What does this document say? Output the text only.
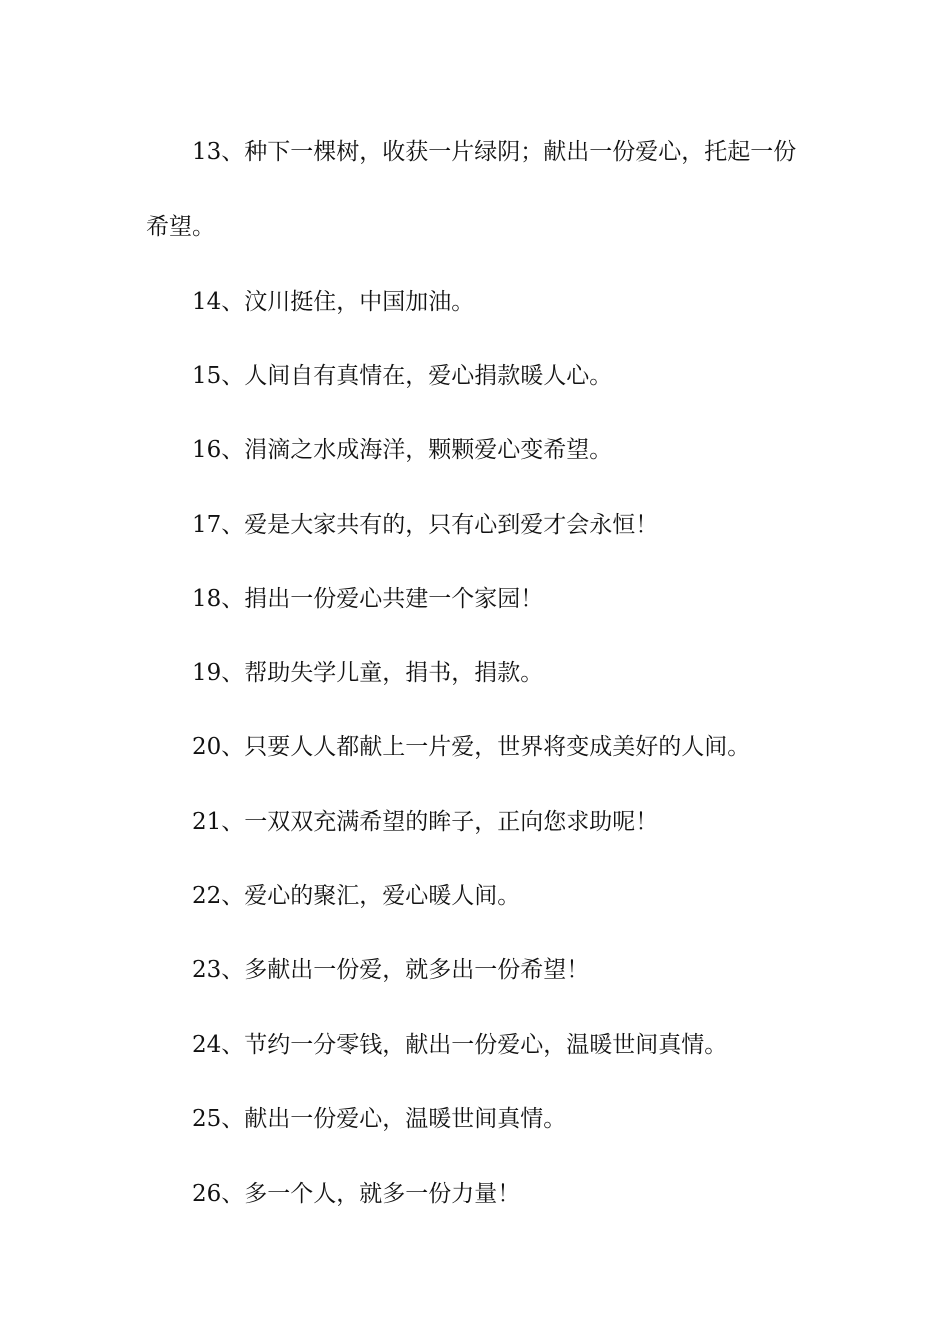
13、种下一棵树，收获一片绿阴；献出一份爱心，托起一份希望。

14、汶川挺住，中国加油。

15、人间自有真情在，爱心捐款暖人心。

16、涓滴之水成海洋，颗颗爱心变希望。

17、爱是大家共有的，只有心到爱才会永恒！

18、捐出一份爱心共建一个家园！

19、帮助失学儿童，捐书，捐款。

20、只要人人都献上一片爱，世界将变成美好的人间。

21、一双双充满希望的眸子，正向您求助呢！

22、爱心的聚汇，爱心暖人间。

23、多献出一份爱，就多出一份希望！

24、节约一分零钱，献出一份爱心，温暖世间真情。

25、献出一份爱心，温暖世间真情。

26、多一个人，就多一份力量！
